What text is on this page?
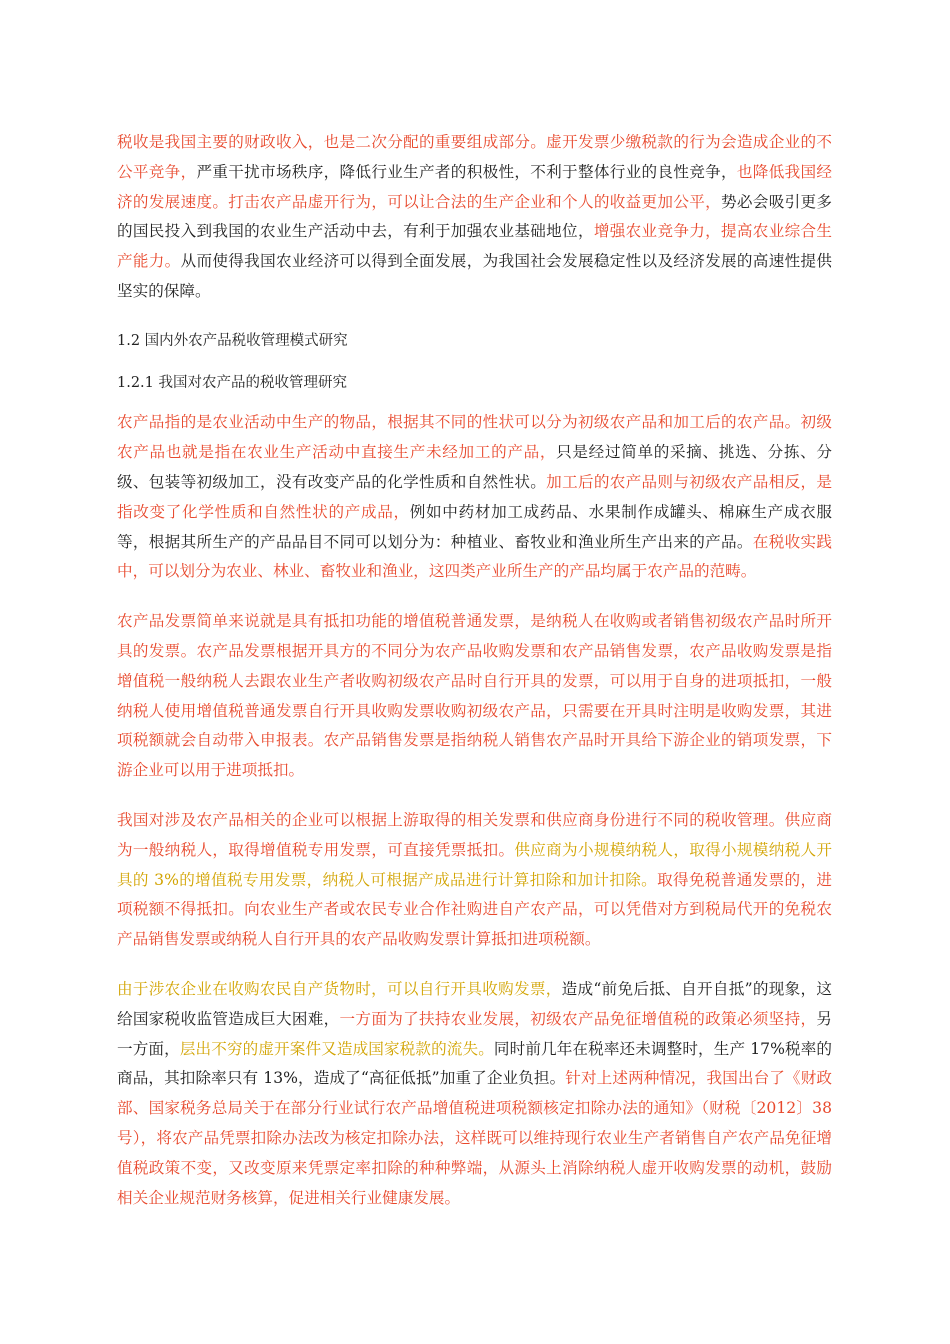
税收是我国主要的财政收入，也是二次分配的重要组成部分。虚开发票少缴税款的行为会造成企业的不公平竞争，严重干扰市场秩序，降低行业生产者的积极性，不利于整体行业的良性竞争，也降低我国经济的发展速度。打击农产品虚开行为，可以让合法的生产企业和个人的收益更加公平，势必会吸引更多的国民投入到我国的农业生产活动中去，有利于加强农业基础地位，增强农业竞争力，提高农业综合生产能力。从而使得我国农业经济可以得到全面发展，为我国社会发展稳定性以及经济发展的高速性提供坚实的保障。

1.2 国内外农产品税收管理模式研究
1.2.1 我国对农产品的税收管理研究

农产品指的是农业活动中生产的物品，根据其不同的性状可以分为初级农产品和加工后的农产品。初级农产品也就是指在农业生产活动中直接生产未经加工的产品，只是经过简单的采摘、挑选、分拣、分级、包装等初级加工，没有改变产品的化学性质和自然性状。加工后的农产品则与初级农产品相反，是指改变了化学性质和自然性状的产成品，例如中药材加工成药品、水果制作成罐头、棉麻生产成衣服等，根据其所生产的产品品目不同可以划分为：种植业、畜牧业和渔业所生产出来的产品。在税收实践中，可以划分为农业、林业、畜牧业和渔业，这四类产业所生产的产品均属于农产品的范畴。

农产品发票简单来说就是具有抵扣功能的增值税普通发票，是纳税人在收购或者销售初级农产品时所开具的发票。农产品发票根据开具方的不同分为农产品收购发票和农产品销售发票，农产品收购发票是指增值税一般纳税人去跟农业生产者收购初级农产品时自行开具的发票，可以用于自身的进项抵扣，一般纳税人使用增值税普通发票自行开具收购发票收购初级农产品，只需要在开具时注明是收购发票，其进项税额就会自动带入申报表。农产品销售发票是指纳税人销售农产品时开具给下游企业的销项发票，下游企业可以用于进项抵扣。

我国对涉及农产品相关的企业可以根据上游取得的相关发票和供应商身份进行不同的税收管理。供应商为一般纳税人，取得增值税专用发票，可直接凭票抵扣。供应商为小规模纳税人，取得小规模纳税人开具的 3%的增值税专用发票，纳税人可根据产成品进行计算扣除和加计扣除。取得免税普通发票的，进项税额不得抵扣。向农业生产者或农民专业合作社购进自产农产品，可以凭借对方到税局代开的免税农产品销售发票或纳税人自行开具的农产品收购发票计算抵扣进项税额。

由于涉农企业在收购农民自产货物时，可以自行开具收购发票，造成“前免后抵、自开自抵”的现象，这给国家税收监管造成巨大困难，一方面为了扶持农业发展，初级农产品免征增值税的政策必须坚持，另一方面，层出不穷的虚开案件又造成国家税款的流失。同时前几年在税率还未调整时，生产 17%税率的商品，其扣除率只有 13%，造成了“高征低抵”加重了企业负担。针对上述两种情况，我国出台了《财政部、国家税务总局关于在部分行业试行农产品增值税进项税额核定扣除办法的通知》（财税〔2012〕38 号），将农产品凭票扣除办法改为核定扣除办法，这样既可以维持现行农业生产者销售自产农产品免征增值税政策不变，又改变原来凭票定率扣除的种种弊端，从源头上消除纳税人虚开收购发票的动机，鼓励相关企业规范财务核算，促进相关行业健康发展。
